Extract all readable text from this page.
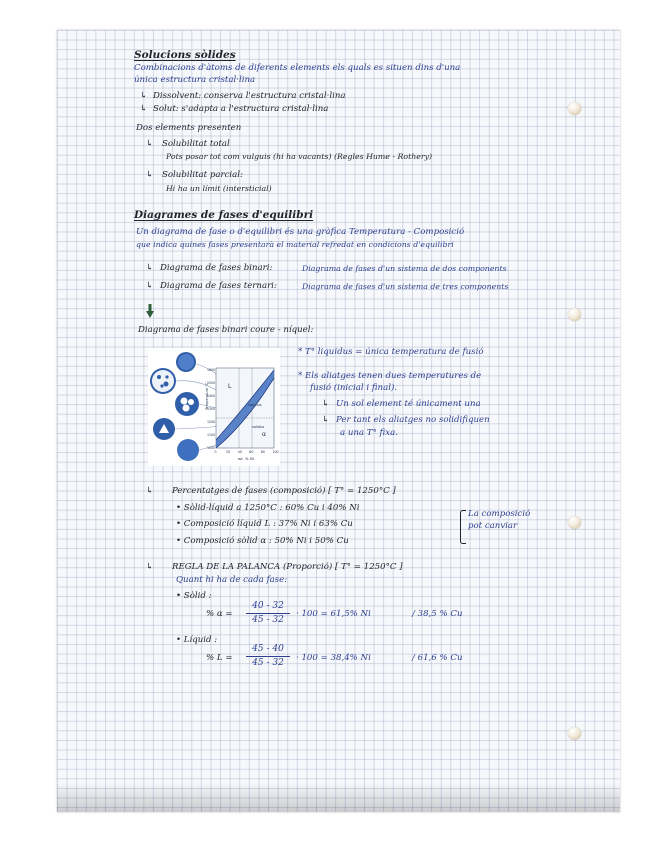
Solucions sòlides
Combinacions d'àtoms de diferents elements els quals es situen dins d'una
única estructura cristal·lina
↳ Dissolvent: conserva l'estructura cristal·lina
↳ Solut: s'adapta a l'estructura cristal·lina
Dos elements presenten
↳ Solubilitat total
Pots posar tot com vulguis (hi ha vacants) (Regles Hume - Rothery)
↳ Solubilitat parcial:
Hi ha un límit (intersticial)
Diagrames de fases d'equilibri
Un diagrama de fase o d'equilibri és una gràfica Temperatura - Composició
que indica quines fases presentarà el material refredat en condicions d'equilibri
↳ Diagrama de fases binari:	Diagrama de fases d'un sistema de dos components
↳ Diagrama de fases ternari:	Diagrama de fases d'un sistema de tres components
Diagrama de fases binari coure - níquel:
L
α
liquidus
solidus
Temperature °C
wt. % Ni
1600
1500
1400
1300
1200
1100
1000
0	20 40 60 80 100
* T° liquidus = única temperatura de fusió
* Els aliatges tenen dues temperatures de
fusió (inicial i final).
↳ Un sol element té únicament una
↳ Per tant els aliatges no solidifiquen
a una T° fixa.
↳ Percentatges de fases (composició) [ T° = 1250°C ]
• Sòlid-líquid a 1250°C : 60% Cu i 40% Ni
• Composició líquid L : 37% Ni i 63% Cu
• Composició sòlid α : 50% Ni i 50% Cu
La composició
pot canviar
↳ REGLA DE LA PALANCA (Proporció) [ T° = 1250°C ]
Quant hi ha de cada fase:
• Sòlid :
% α =
40 - 32
45 - 32
· 100 = 61,5% Ni	/ 38,5 % Cu
• Líquid :
% L =
45 - 40
45 - 32	· 100 = 38,4% Ni	/ 61,6 % Cu
